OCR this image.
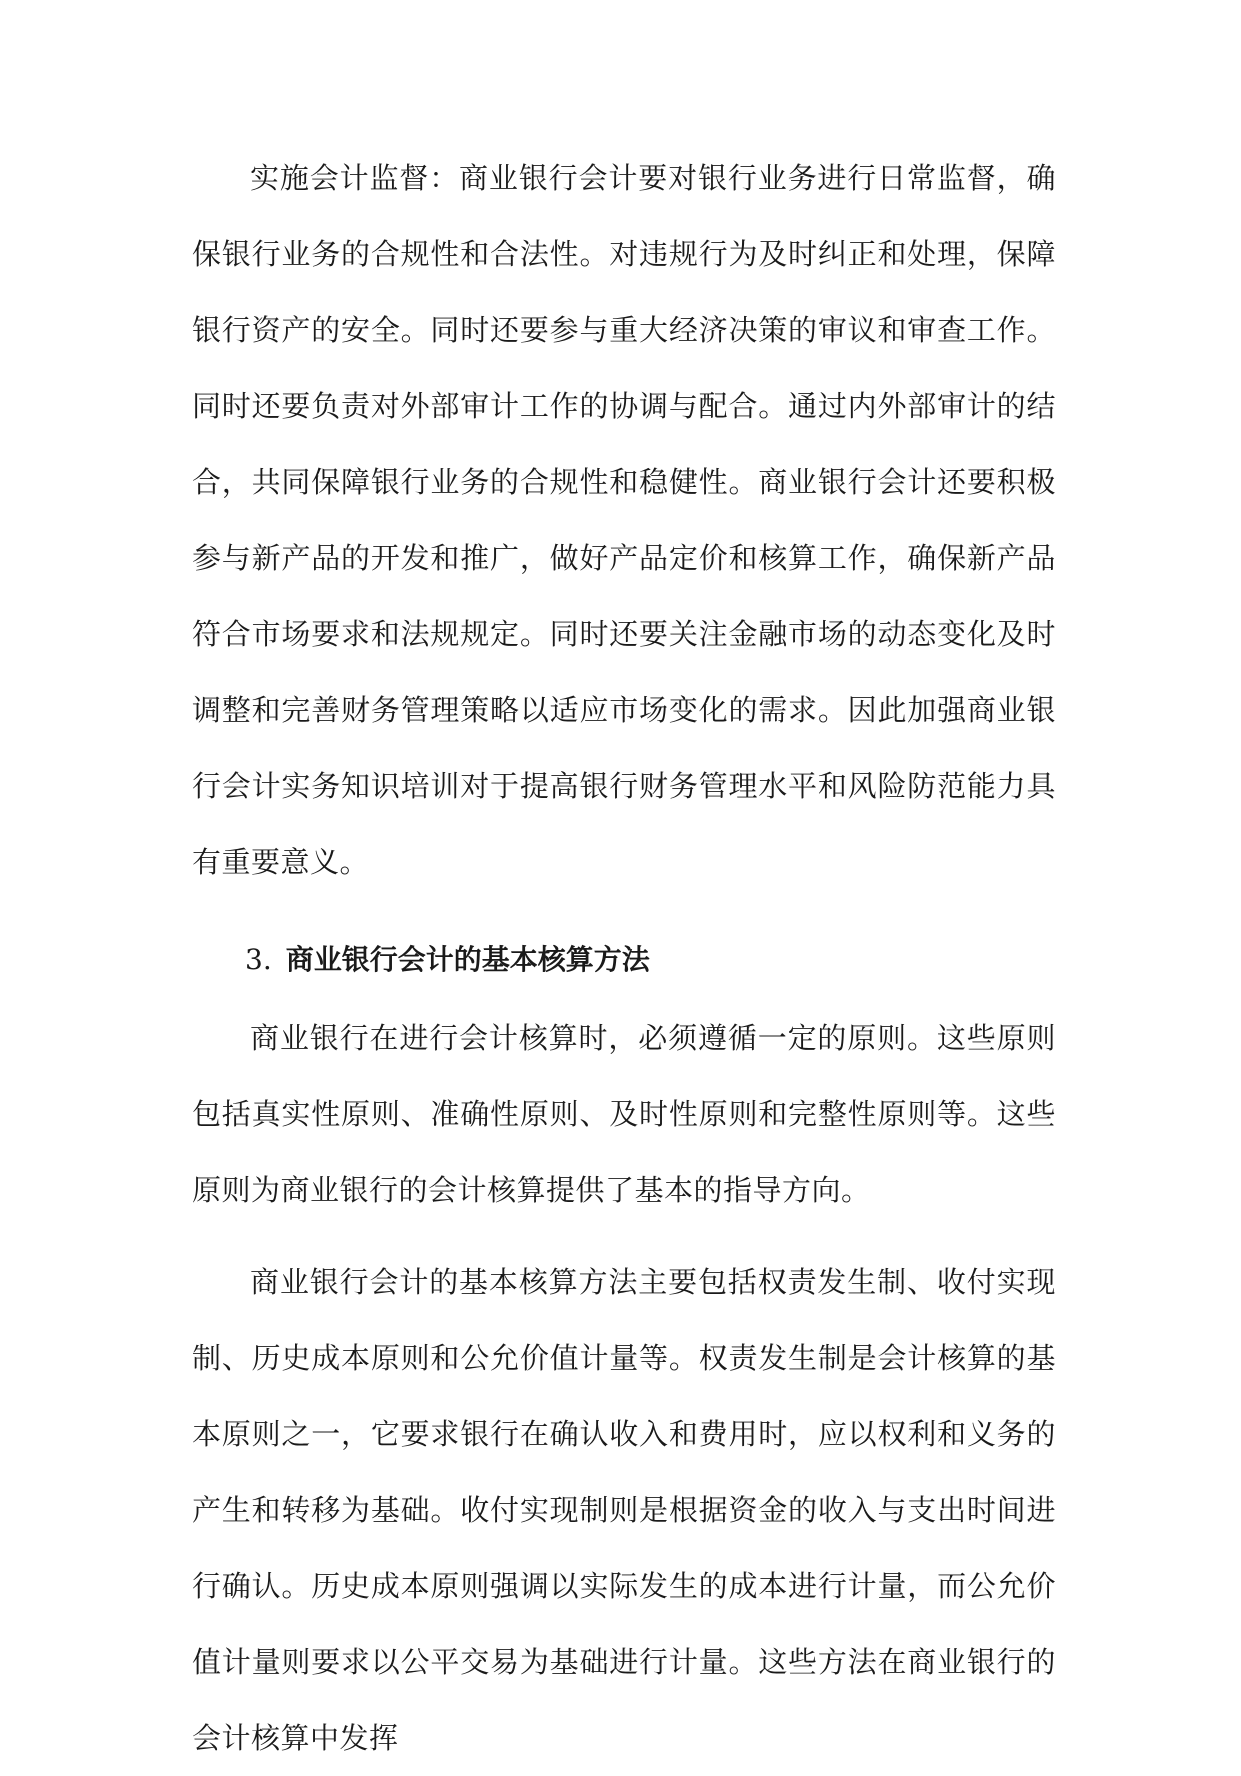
实施会计监督：商业银行会计要对银行业务进行日常监督，确保银行业务的合规性和合法性。对违规行为及时纠正和处理，保障银行资产的安全。同时还要参与重大经济决策的审议和审查工作。同时还要负责对外部审计工作的协调与配合。通过内外部审计的结合，共同保障银行业务的合规性和稳健性。商业银行会计还要积极参与新产品的开发和推广，做好产品定价和核算工作，确保新产品符合市场要求和法规规定。同时还要关注金融市场的动态变化及时调整和完善财务管理策略以适应市场变化的需求。因此加强商业银行会计实务知识培训对于提高银行财务管理水平和风险防范能力具有重要意义。

3. 商业银行会计的基本核算方法

商业银行在进行会计核算时，必须遵循一定的原则。这些原则包括真实性原则、准确性原则、及时性原则和完整性原则等。这些原则为商业银行的会计核算提供了基本的指导方向。

商业银行会计的基本核算方法主要包括权责发生制、收付实现制、历史成本原则和公允价值计量等。权责发生制是会计核算的基本原则之一，它要求银行在确认收入和费用时，应以权利和义务的产生和转移为基础。收付实现制则是根据资金的收入与支出时间进行确认。历史成本原则强调以实际发生的成本进行计量，而公允价值计量则要求以公平交易为基础进行计量。这些方法在商业银行的会计核算中发挥
